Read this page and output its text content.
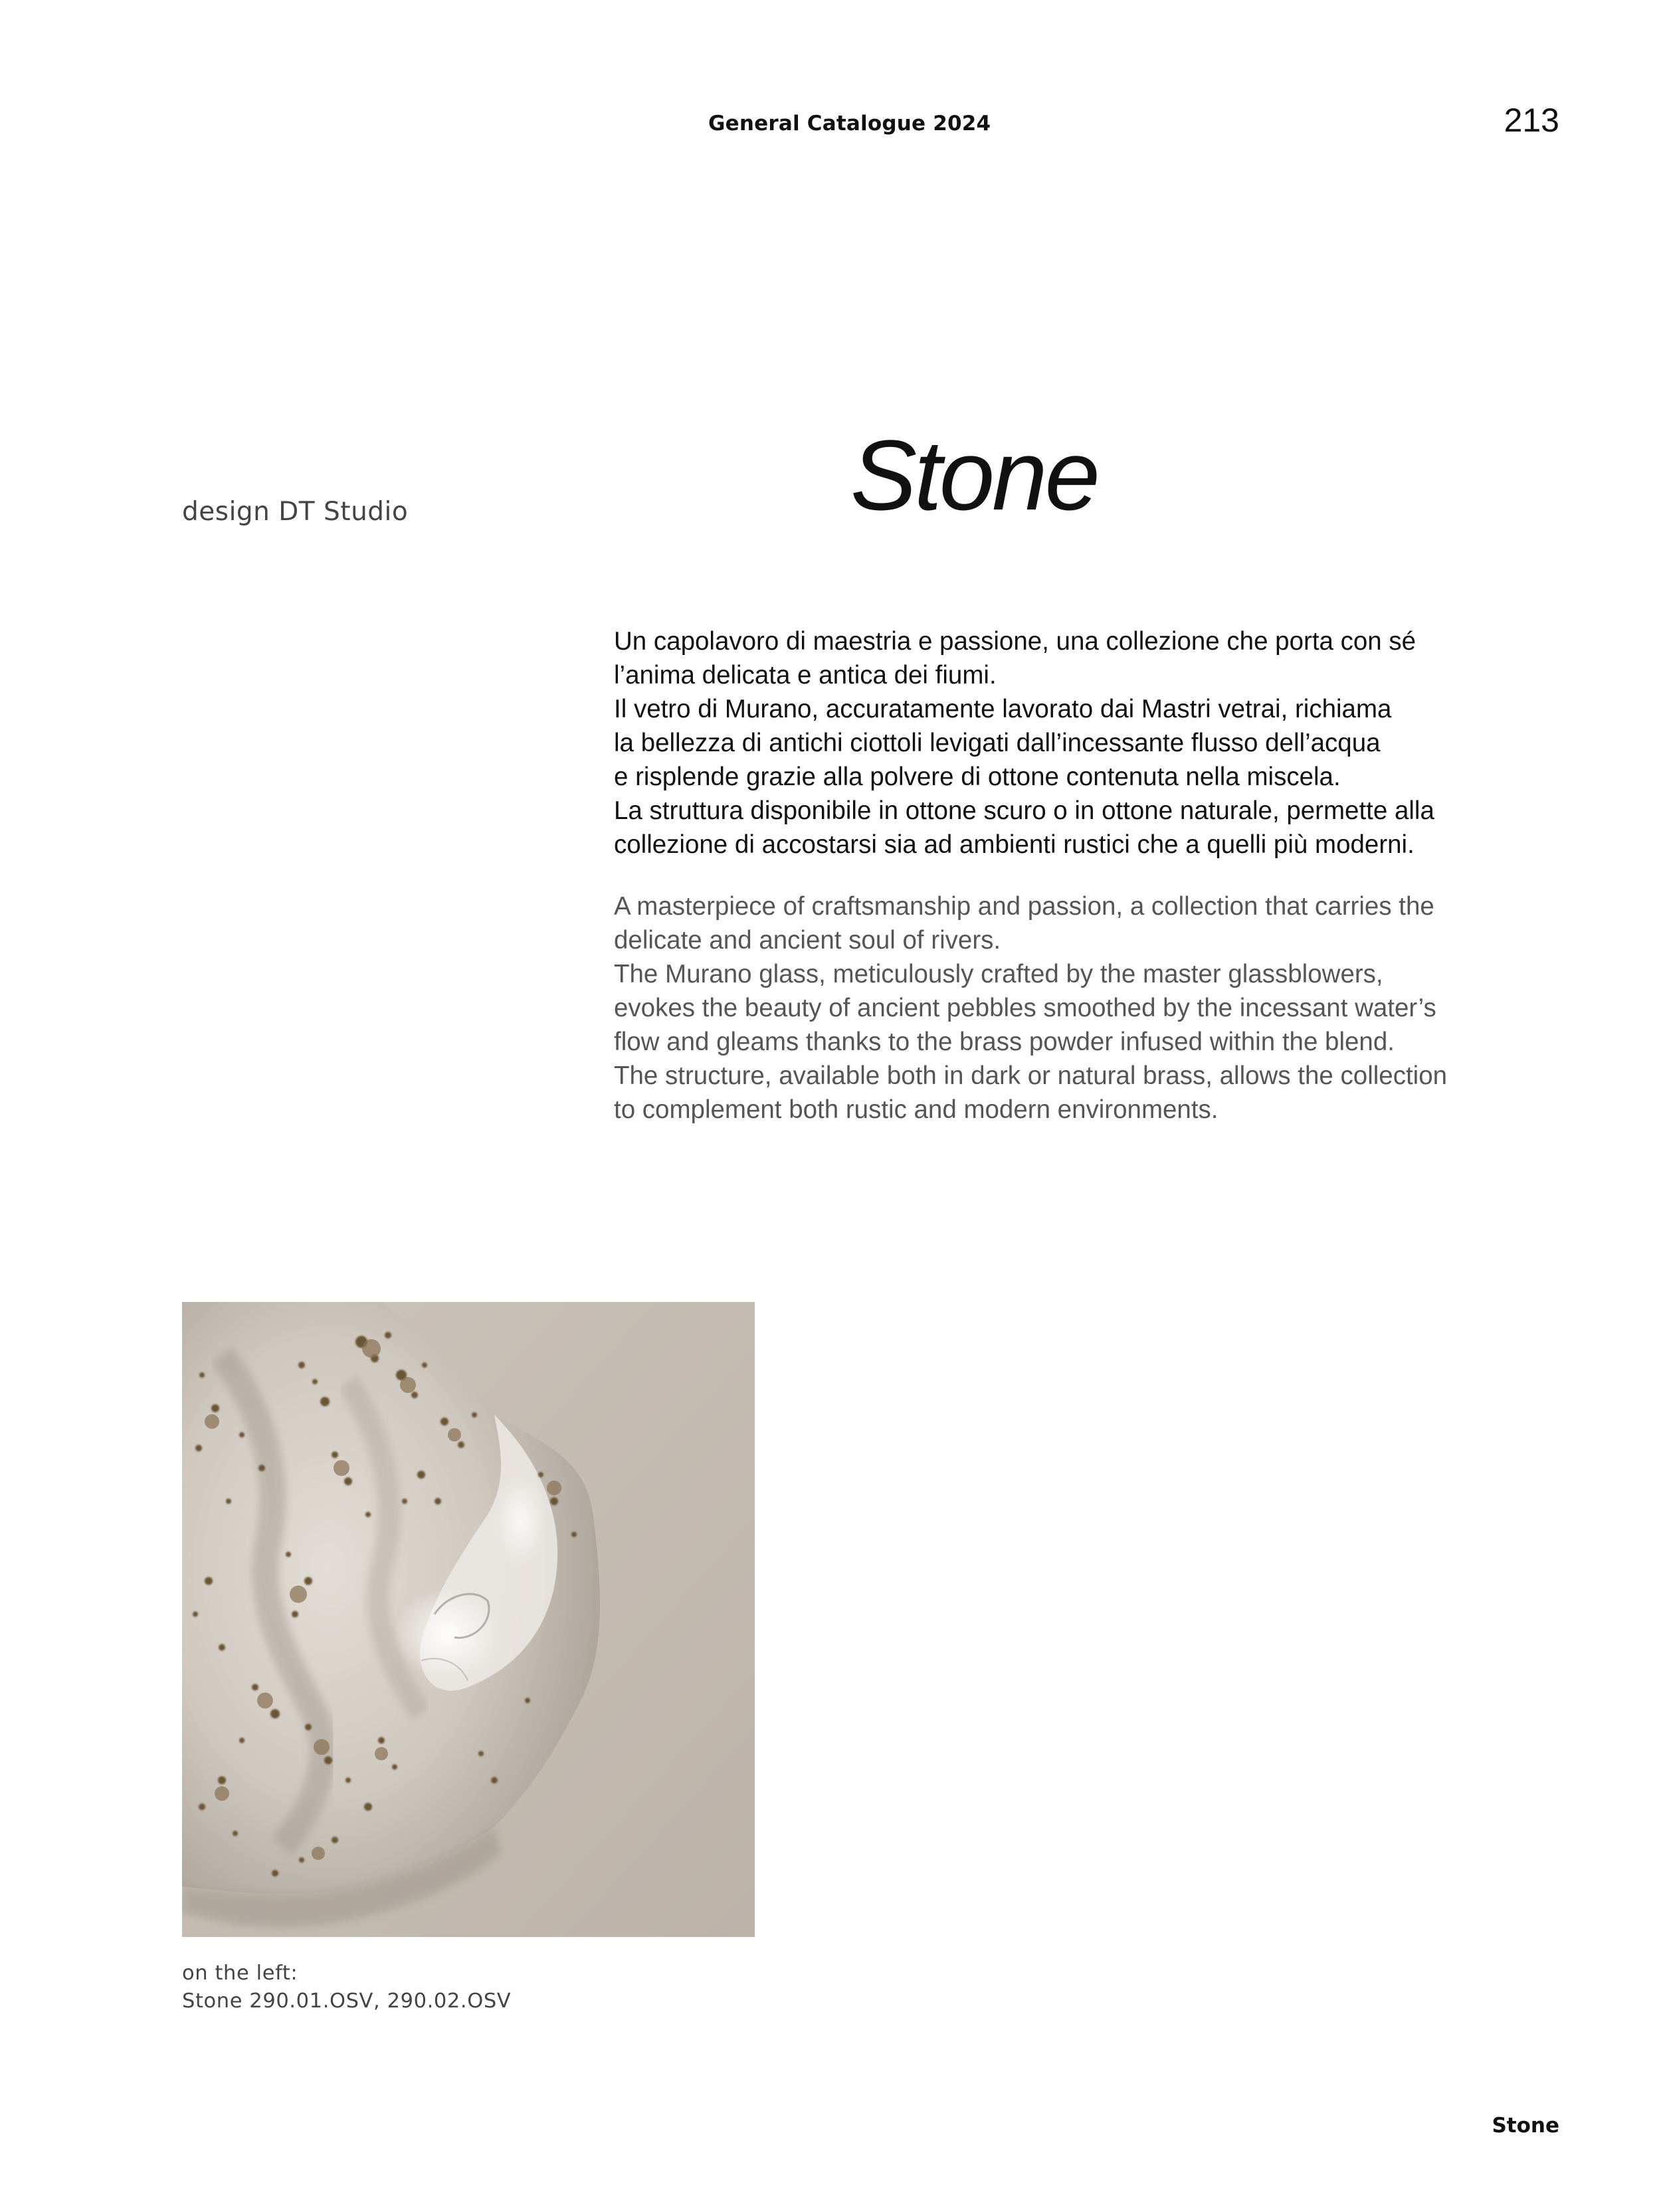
General Catalogue 2024	213
design DT Studio	Stone
Un capolavoro di maestria e passione, una collezione che porta con sé
l’anima delicata e antica dei fiumi.
Il vetro di Murano, accuratamente lavorato dai Mastri vetrai, richiama
la bellezza di antichi ciottoli levigati dall’incessante flusso dell’acqua
e risplende grazie alla polvere di ottone contenuta nella miscela.
La struttura disponibile in ottone scuro o in ottone naturale, permette alla
collezione di accostarsi sia ad ambienti rustici che a quelli più moderni.
A masterpiece of craftsmanship and passion, a collection that carries the
delicate and ancient soul of rivers.
The Murano glass, meticulously crafted by the master glassblowers,
evokes the beauty of ancient pebbles smoothed by the incessant water’s
flow and gleams thanks to the brass powder infused within the blend.
The structure, available both in dark or natural brass, allows the collection
to complement both rustic and modern environments.
on the left:
Stone 290.01.OSV, 290.02.OSV
Stone
